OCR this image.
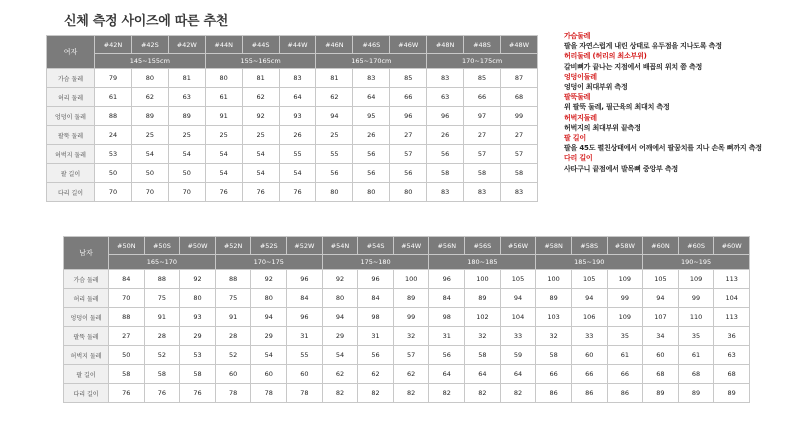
신체 측정 사이즈에 따른 추천
여자	#42N	#42S	#42W	#44N	#44S	#44W	#46N	#46S	#46W	#48N	#48S	#48W
	145~155cm			155~165cm			165~170cm			170~175cm		
가슴 둘레	79	80	81	80	81	83	81	83	85	83	85	87
허리 둘레	61	62	63	61	62	64	62	64	66	63	66	68
엉덩이 둘레	88	89	89	91	92	93	94	95	96	96	97	99
팔뚝 둘레	24	25	25	25	25	26	25	26	27	26	27	27
허벅지 둘레	53	54	54	54	54	55	55	56	57	56	57	57
팔 길이	50	50	50	54	54	54	56	56	56	58	58	58
다리 길이	70	70	70	76	76	76	80	80	80	83	83	83
남자	#50N	#50S	#50W	#52N	#52S	#52W	#54N	#54S	#54W	#56N	#56S	#56W	#58N	#58S	#58W	#60N	#60S	#60W
	165~170			170~175			175~180			180~185			185~190			190~195		
가슴 둘레	84	88	92	88	92	96	92	96	100	96	100	105	100	105	109	105	109	113
허리 둘레	70	75	80	75	80	84	80	84	89	84	89	94	89	94	99	94	99	104
엉덩이 둘레	88	91	93	91	94	96	94	98	99	98	102	104	103	106	109	107	110	113
팔뚝 둘레	27	28	29	28	29	31	29	31	32	31	32	33	32	33	35	34	35	36
허벅지 둘레	50	52	53	52	54	55	54	56	57	56	58	59	58	60	61	60	61	63
팔 길이	58	58	58	60	60	60	62	62	62	64	64	64	66	66	66	68	68	68
다리 길이	76	76	76	78	78	78	82	82	82	82	82	82	86	86	86	89	89	89
가슴둘레
팔을 자연스럽게 내린 상태로 유두점을 지나도록 측정
허리둘레 (허리의 최소부위)
갈비뼈가 끝나는 지점에서 배꼽의 위치 쯤 측정
엉덩이둘레
엉덩이 최대부위 측정
팔뚝둘레
위 팔뚝 둘레, 필근육의 최대치 측정
허벅지둘레
허벅지의 최대부위 끝측정
팔 길이
팔을 45도 펼친상태에서 어깨에서 팔꿈치를 지나 손목 뼈까지 측정
다리 길이
사타구니 끝점에서 발목뼈 중앙부 측정
